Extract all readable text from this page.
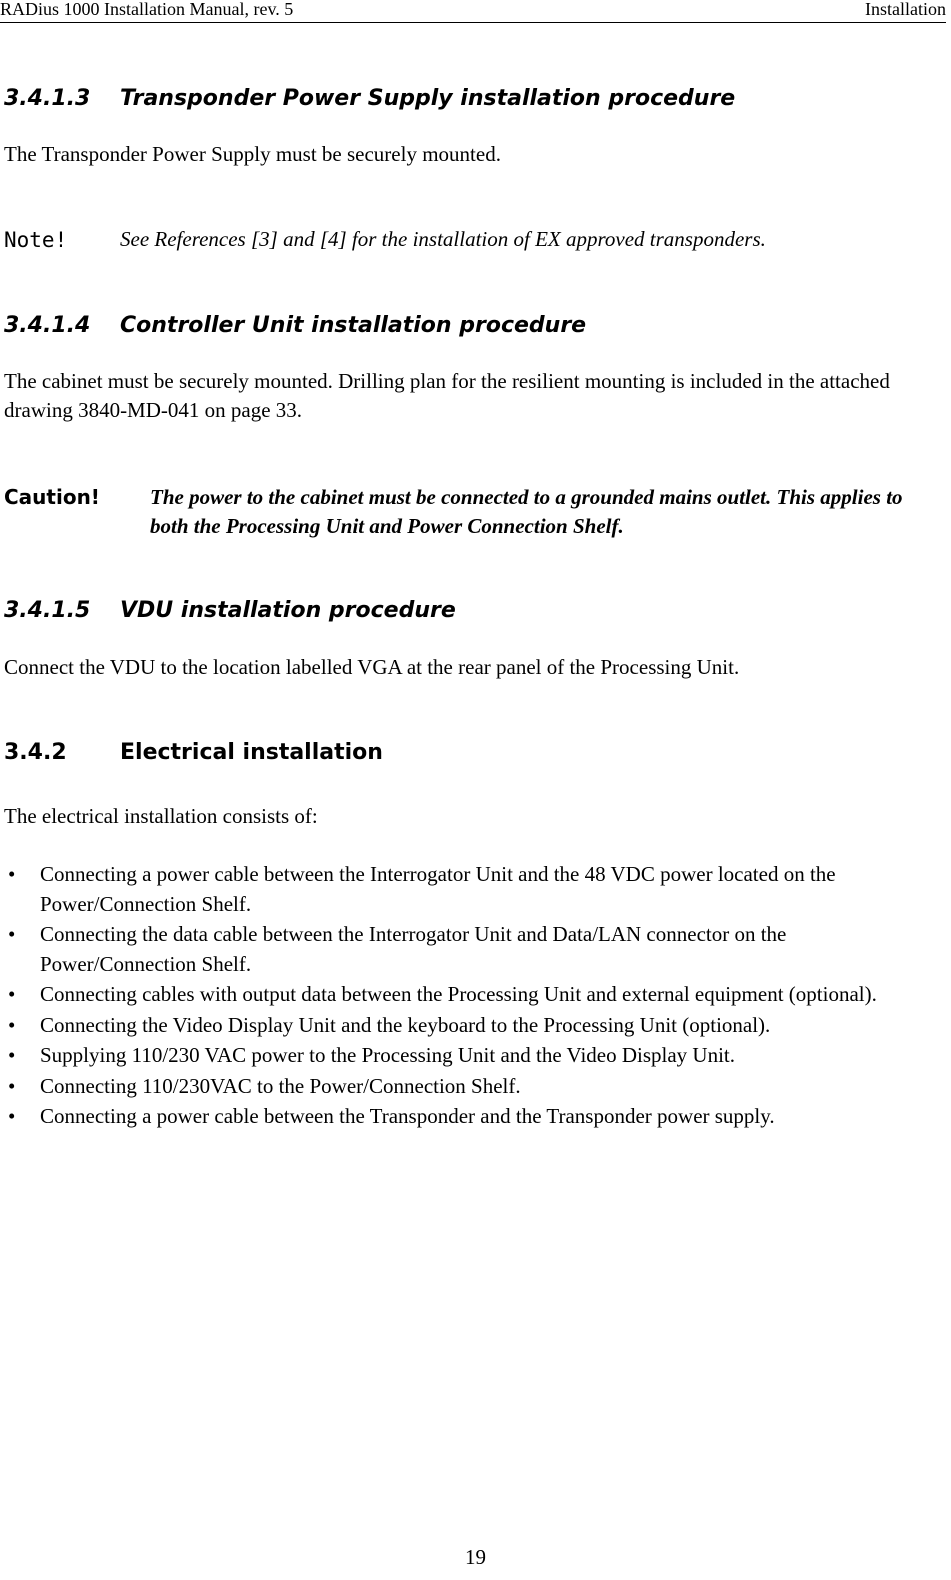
RADius 1000 Installation Manual, rev. 5	Installation
3.4.1.3 Transponder Power Supply installation procedure
The Transponder Power Supply must be securely mounted.
Note!	See References [3] and [4] for the installation of EX approved transponders.
3.4.1.4 Controller Unit installation procedure
The cabinet must be securely mounted. Drilling plan for the resilient mounting is included in the attached drawing 3840-MD-041 on page 33.
Caution! The power to the cabinet must be connected to a grounded mains outlet. This applies to both the Processing Unit and Power Connection Shelf.
3.4.1.5 VDU installation procedure
Connect the VDU to the location labelled VGA at the rear panel of the Processing Unit.
3.4.2 Electrical installation
The electrical installation consists of:
• Connecting a power cable between the Interrogator Unit and the 48 VDC power located on the Power/Connection Shelf.
• Connecting the data cable between the Interrogator Unit and Data/LAN connector on the Power/Connection Shelf.
• Connecting cables with output data between the Processing Unit and external equipment (optional).
• Connecting the Video Display Unit and the keyboard to the Processing Unit (optional).
• Supplying 110/230 VAC power to the Processing Unit and the Video Display Unit.
• Connecting 110/230VAC to the Power/Connection Shelf.
• Connecting a power cable between the Transponder and the Transponder power supply.
19
